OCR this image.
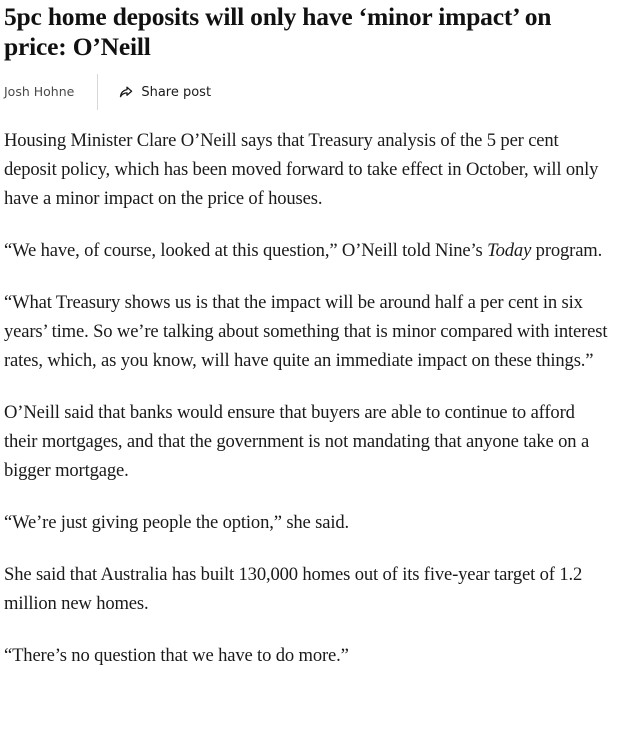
5pc home deposits will only have ‘minor impact’ on price: O’Neill
Josh Hohne	Share post

Housing Minister Clare O’Neill says that Treasury analysis of the 5 per cent deposit policy, which has been moved forward to take effect in October, will only have a minor impact on the price of houses.

“We have, of course, looked at this question,” O’Neill told Nine’s Today program.

“What Treasury shows us is that the impact will be around half a per cent in six years’ time. So we’re talking about something that is minor compared with interest rates, which, as you know, will have quite an immediate impact on these things.”

O’Neill said that banks would ensure that buyers are able to continue to afford their mortgages, and that the government is not mandating that anyone take on a bigger mortgage.

“We’re just giving people the option,” she said.

She said that Australia has built 130,000 homes out of its five-year target of 1.2 million new homes.

“There’s no question that we have to do more.”
